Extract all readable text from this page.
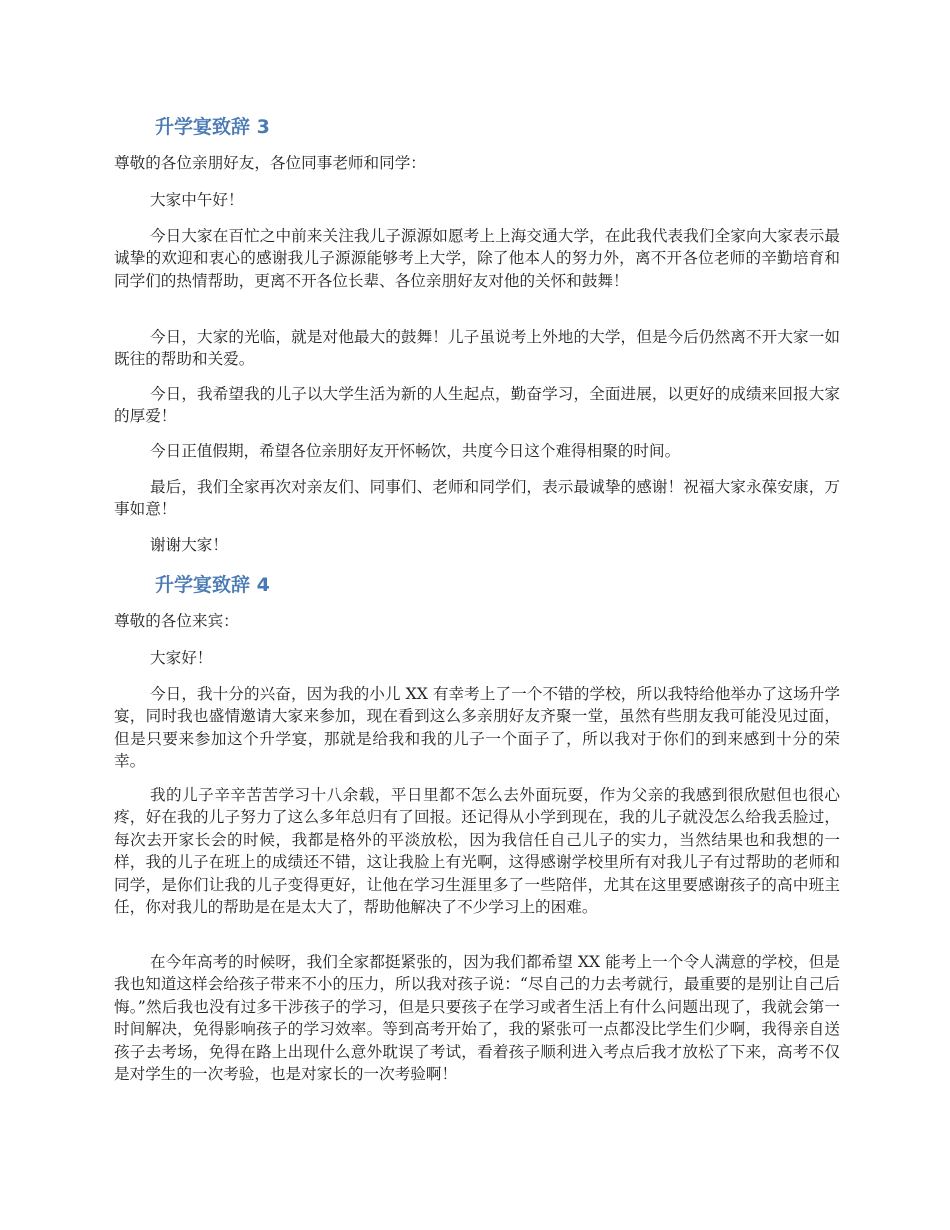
升学宴致辞 3

尊敬的各位亲朋好友，各位同事老师和同学：

大家中午好！

今日大家在百忙之中前来关注我儿子源源如愿考上上海交通大学，在此我代表我们全家向大家表示最诚挚的欢迎和衷心的感谢我儿子源源能够考上大学，除了他本人的努力外，离不开各位老师的辛勤培育和同学们的热情帮助，更离不开各位长辈、各位亲朋好友对他的关怀和鼓舞！

今日，大家的光临，就是对他最大的鼓舞！儿子虽说考上外地的大学，但是今后仍然离不开大家一如既往的帮助和关爱。

今日，我希望我的儿子以大学生活为新的人生起点，勤奋学习，全面进展，以更好的成绩来回报大家的厚爱！

今日正值假期，希望各位亲朋好友开怀畅饮，共度今日这个难得相聚的时间。

最后，我们全家再次对亲友们、同事们、老师和同学们，表示最诚挚的感谢！祝福大家永葆安康，万事如意！

谢谢大家！

升学宴致辞 4

尊敬的各位来宾：

大家好！

今日，我十分的兴奋，因为我的小儿 XX 有幸考上了一个不错的学校，所以我特给他举办了这场升学宴，同时我也盛情邀请大家来参加，现在看到这么多亲朋好友齐聚一堂，虽然有些朋友我可能没见过面，但是只要来参加这个升学宴，那就是给我和我的儿子一个面子了，所以我对于你们的到来感到十分的荣幸。

我的儿子辛辛苦苦学习十八余载，平日里都不怎么去外面玩耍，作为父亲的我感到很欣慰但也很心疼，好在我的儿子努力了这么多年总归有了回报。还记得从小学到现在，我的儿子就没怎么给我丢脸过，每次去开家长会的时候，我都是格外的平淡放松，因为我信任自己儿子的实力，当然结果也和我想的一样，我的儿子在班上的成绩还不错，这让我脸上有光啊，这得感谢学校里所有对我儿子有过帮助的老师和同学，是你们让我的儿子变得更好，让他在学习生涯里多了一些陪伴，尤其在这里要感谢孩子的高中班主任，你对我儿的帮助是在是太大了，帮助他解决了不少学习上的困难。

在今年高考的时候呀，我们全家都挺紧张的，因为我们都希望 XX 能考上一个令人满意的学校，但是我也知道这样会给孩子带来不小的压力，所以我对孩子说：“尽自己的力去考就行，最重要的是别让自己后悔。”然后我也没有过多干涉孩子的学习，但是只要孩子在学习或者生活上有什么问题出现了，我就会第一时间解决，免得影响孩子的学习效率。等到高考开始了，我的紧张可一点都没比学生们少啊，我得亲自送孩子去考场，免得在路上出现什么意外耽误了考试，看着孩子顺利进入考点后我才放松了下来，高考不仅是对学生的一次考验，也是对家长的一次考验啊！
